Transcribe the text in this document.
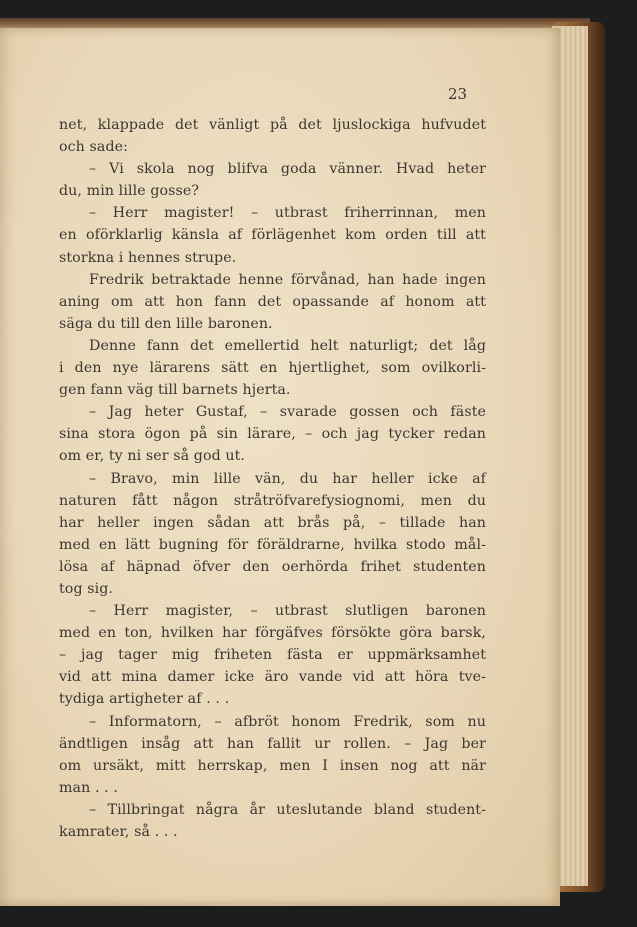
23
net, klappade det vänligt på det ljuslockiga hufvudet
och sade:
– Vi skola nog blifva goda vänner. Hvad heter
du, min lille gosse?
– Herr magister! – utbrast friherrinnan, men
en oförklarlig känsla af förlägenhet kom orden till att
storkna i hennes strupe.
Fredrik betraktade henne förvånad, han hade ingen
aning om att hon fann det opassande af honom att
säga du till den lille baronen.
Denne fann det emellertid helt naturligt; det låg
i den nye lärarens sätt en hjertlighet, som ovilkorli-
gen fann väg till barnets hjerta.
– Jag heter Gustaf, – svarade gossen och fäste
sina stora ögon på sin lärare, – och jag tycker redan
om er, ty ni ser så god ut.
– Bravo, min lille vän, du har heller icke af
naturen fått någon stråtröfvarefysiognomi, men du
har heller ingen sådan att brås på, – tillade han
med en lätt bugning för föräldrarne, hvilka stodo mål-
lösa af häpnad öfver den oerhörda frihet studenten
tog sig.
– Herr magister, – utbrast slutligen baronen
med en ton, hvilken har förgäfves försökte göra barsk,
– jag tager mig friheten fästa er uppmärksamhet
vid att mina damer icke äro vande vid att höra tve-
tydiga artigheter af . . .
– Informatorn, – afbröt honom Fredrik, som nu
ändtligen insåg att han fallit ur rollen. – Jag ber
om ursäkt, mitt herrskap, men I insen nog att när
man . . .
– Tillbringat några år uteslutande bland student-
kamrater, så . . .
